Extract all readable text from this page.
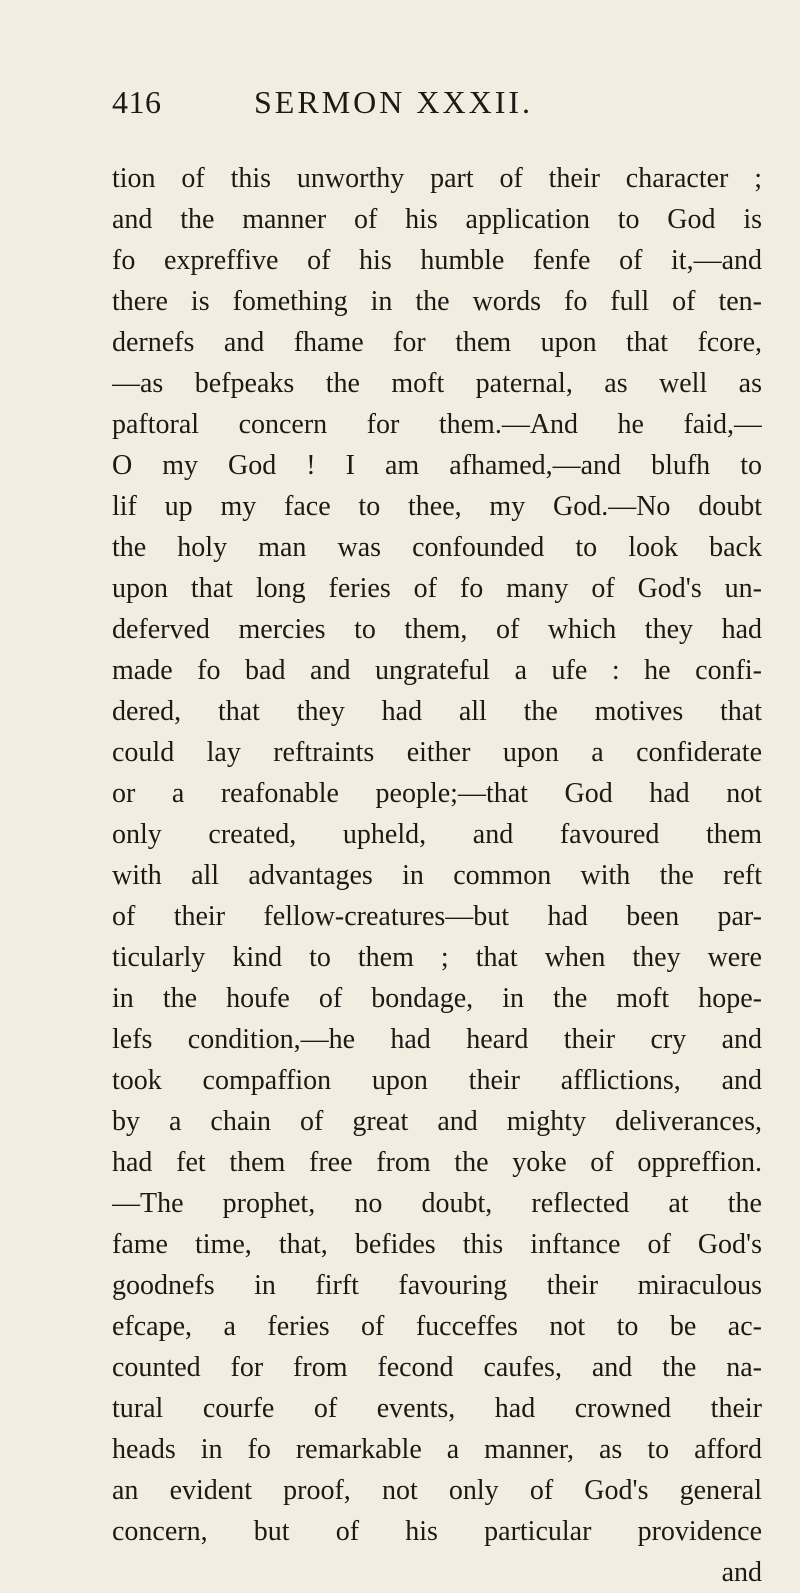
416	SERMON XXXII.
tion of this unworthy part of their character ;
and the manner of his application to God is
fo expreffive of his humble fenfe of it,—and
there is fomething in the words fo full of ten-
dernefs and fhame for them upon that fcore,
—as befpeaks the moft paternal, as well as
paftoral concern for them.—And he faid,—
O my God ! I am afhamed,—and blufh to
lif up my face to thee, my God.—No doubt
the holy man was confounded to look back
upon that long feries of fo many of God's un-
deferved mercies to them, of which they had
made fo bad and ungrateful a ufe : he confi-
dered, that they had all the motives that
could lay reftraints either upon a confiderate
or a reafonable people;—that God had not
only created, upheld, and favoured them
with all advantages in common with the reft
of their fellow-creatures—but had been par-
ticularly kind to them ; that when they were
in the houfe of bondage, in the moft hope-
lefs condition,—he had heard their cry and
took compaffion upon their afflictions, and
by a chain of great and mighty deliverances,
had fet them free from the yoke of oppreffion.
—The prophet, no doubt, reflected at the
fame time, that, befides this inftance of God's
goodnefs in firft favouring their miraculous
efcape, a feries of fucceffes not to be ac-
counted for from fecond caufes, and the na-
tural courfe of events, had crowned their
heads in fo remarkable a manner, as to afford
an evident proof, not only of God's general
concern, but of his particular providence
and
